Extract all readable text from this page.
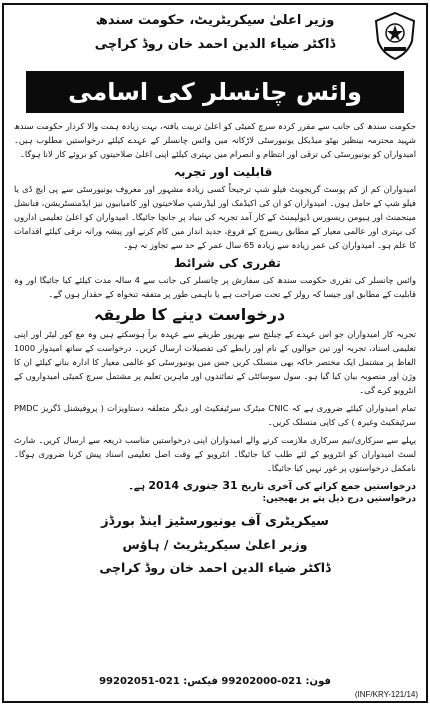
وزیر اعلیٰ سیکریٹریٹ، حکومت سندھ
ڈاکٹر ضیاء الدین احمد خان روڈ کراچی
وائس چانسلر کی اسامی

حکومت سندھ کی جانب سے مقرر کردہ سرچ کمیٹی کو اعلیٰ تربیت یافتہ، بہت زیادہ ہمت والا کردار حکومت سندھ شہید محترمہ بینظیر بھٹو میڈیکل یونیورسٹی لاڑکانہ میں وائس چانسلر کے عہدے کیلئے درخواستیں مطلوب ہیں۔ امیدواران کو یونیورسٹی کی ترقی اور انتظام و انصرام میں بہتری کیلئے اپنی اعلیٰ صلاحیتوں کو بروئے کار لانا ہوگا۔

قابلیت اور تجربہ

امیدواران کم از کم پوسٹ گریجویٹ فیلو شپ ترجیحاً کسی زیادہ مشہور اور معروف یونیورسٹی سے پی ایچ ڈی یا فیلو شپ کے حامل ہوں۔ امیدواران کو ان کی اکیڈمک اور لیڈرشپ صلاحیتوں اور کامیابیوں نیز ایڈمنسٹریشن، فنانشل مینجمنٹ اور ہیومن ریسورس ڈیولپمنٹ کے کار آمد تجربہ کی بنیاد پر جانچا جائیگا۔ امیدواران کو اعلیٰ تعلیمی اداروں کی بہتری اور عالمی معیار کے مطابق ریسرچ کے فروغ، جدید انداز میں کام کرنے اور پیشہ ورانہ ترقی کیلئے اقدامات کا علم ہو۔ امیدواران کی عمر زیادہ سے زیادہ 65 سال عمر کے حد سے تجاوز نہ ہو۔

تقرری کی شرائط

وائس چانسلر کی تقرری حکومت سندھ کی سفارش پر چانسلر کی جانب سے 4 سالہ مدت کیلئے کیا جائیگا اور وہ قابلیت کے مطابق اور جیسا کہ رولز کے تحت صراحت ہے یا باہمی طور پر متفقہ تنخواہ کے حقدار ہوں گے۔

درخواست دینے کا طریقہ

تجربہ کار امیدواران جو اس عہدے کے چیلنج سے بھرپور طریقے سے عہدہ برآ ہوسکتے ہیں وہ مع کور لیٹر اور اپنی تعلیمی اسناد، تجربہ اور تین حوالوں کے نام اور رابطے کی تفصیلات ارسال کریں۔ درخواست کے ساتھ امیدوار 1000 الفاظ پر مشتمل ایک مختصر خاکہ بھی منسلک کریں جس میں یونیورسٹی کو عالمی معیار کا ادارہ بنانے کیلئے ان کا وژن اور منصوبہ بیان کیا گیا ہو۔ سول سوسائٹی کے نمائندوں اور ماہرین تعلیم پر مشتمل سرچ کمیٹی امیدواروں کے انٹرویو کرے گی۔

تمام امیدواران کیلئے ضروری ہے کہ CNIC میٹرک سرٹیفکیٹ اور دیگر متعلقہ دستاویزات ( پروفیشنل ڈگریز PMDC سرٹیفکیٹ وغیرہ ) کی کاپی منسلک کریں۔

پہلے سے سرکاری/نیم سرکاری ملازمت کرنے والے امیدواران اپنی درخواستیں مناسب ذریعہ سے ارسال کریں۔ شارٹ لسٹ امیدواران کو انٹرویو کے لئے طلب کیا جائیگا۔ انٹرویو کے وقت اصل تعلیمی اسناد پیش کرنا ضروری ہوگا۔ نامکمل درخواستوں پر غور نہیں کیا جائیگا۔

درخواستیں جمع کرانے کی آخری تاریخ 31 جنوری 2014 ہے۔
درخواستیں درج ذیل پتے پر بھیجیں:
سیکریٹری آف یونیورسٹیز اینڈ بورڈز
وزیر اعلیٰ سیکریٹریٹ / ہاؤس
ڈاکٹر ضیاء الدین احمد خان روڈ کراچی
فون: 021-99202000 فیکس: 021-99202051
(INF/KRY-121/14)
